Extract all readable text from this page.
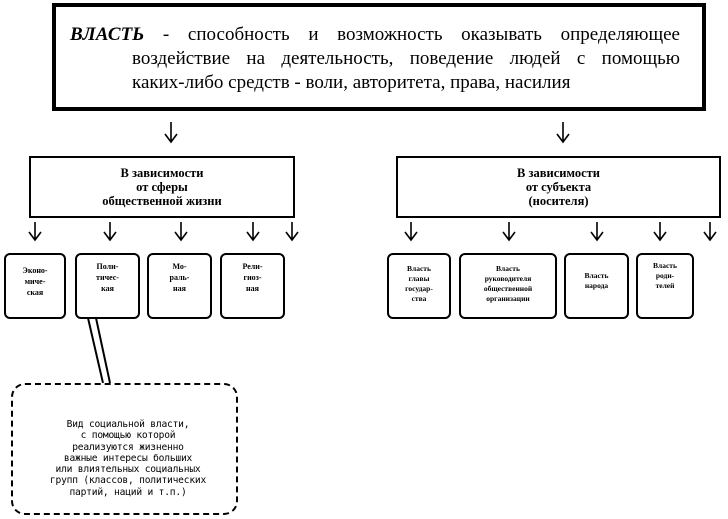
ВЛАСТЬ - способность и возможность оказывать определяющее
воздействие на деятельность, поведение людей с помощью
каких-либо средств - воли, авторитета, права, насилия
В зависимости
от сферы
общественной жизни
В зависимости
от субъекта
(носителя)
Эконо-
миче-
ская
Поли-
тичес-
кая
Мо-
раль-
ная
Рели-
гиоз-
ная
Власть
главы
государ-
ства
Власть
руководителя
общественной
организации
Власть
народа
Власть
роди-
телей
Вид социальной власти,
с помощью которой
реализуются жизненно
важные интересы больших
или влиятельных социальных
групп (классов, политических
партий, наций и т.п.)
